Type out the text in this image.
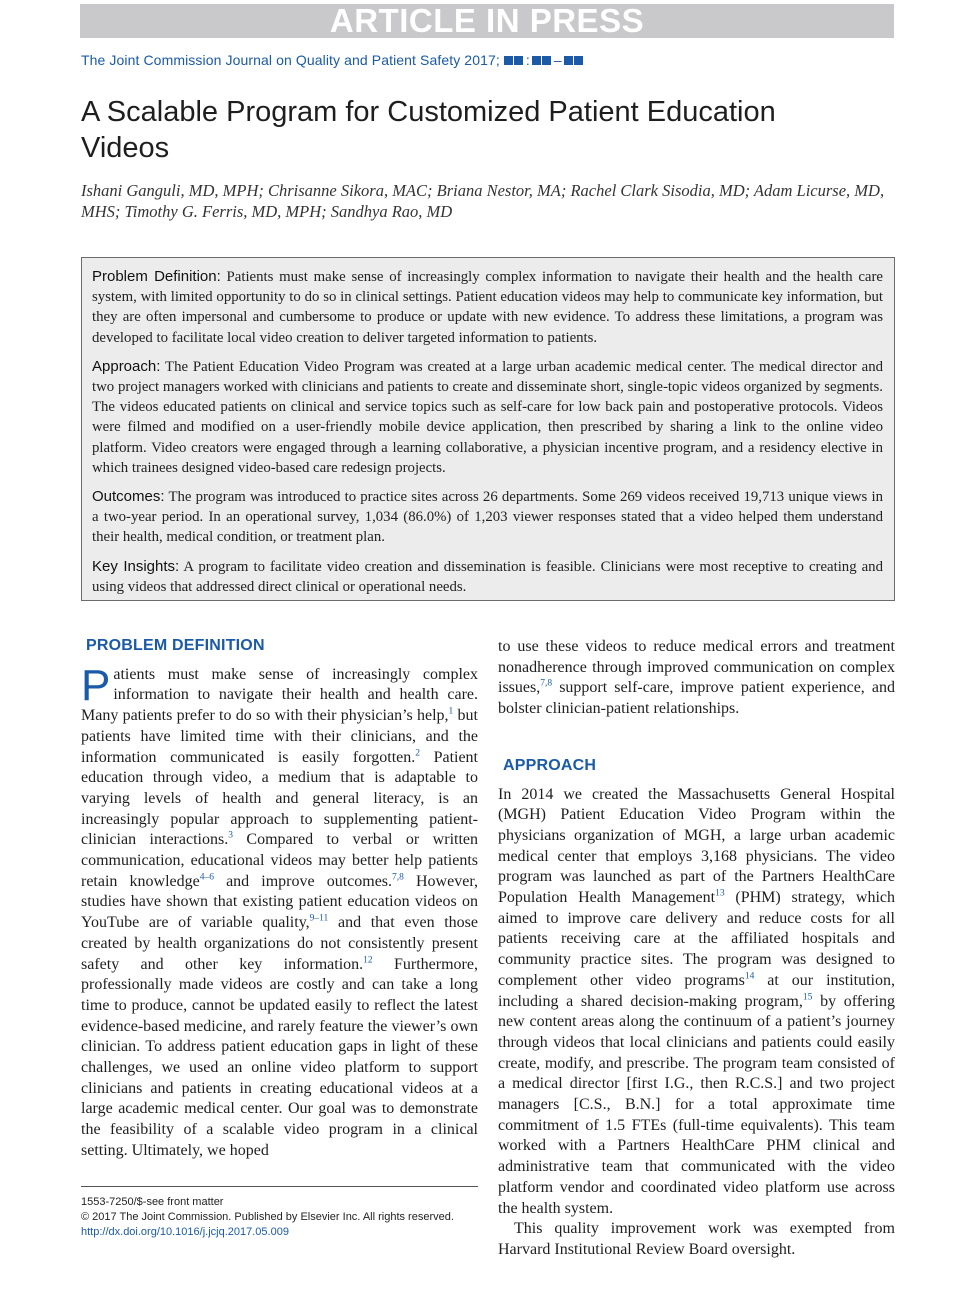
ARTICLE IN PRESS
The Joint Commission Journal on Quality and Patient Safety 2017; : –
A Scalable Program for Customized Patient Education Videos
Ishani Ganguli, MD, MPH; Chrisanne Sikora, MAC; Briana Nestor, MA; Rachel Clark Sisodia, MD; Adam Licurse, MD, MHS; Timothy G. Ferris, MD, MPH; Sandhya Rao, MD

Problem Definition: Patients must make sense of increasingly complex information to navigate their health and the health care system, with limited opportunity to do so in clinical settings. Patient education videos may help to communicate key information, but they are often impersonal and cumbersome to produce or update with new evidence. To address these limitations, a program was developed to facilitate local video creation to deliver targeted information to patients.

Approach: The Patient Education Video Program was created at a large urban academic medical center. The medical director and two project managers worked with clinicians and patients to create and disseminate short, single-topic videos organized by segments. The videos educated patients on clinical and service topics such as self-care for low back pain and postoperative protocols. Videos were filmed and modified on a user-friendly mobile device application, then prescribed by sharing a link to the online video platform. Video creators were engaged through a learning collaborative, a physician incentive program, and a residency elective in which trainees designed video-based care redesign projects.

Outcomes: The program was introduced to practice sites across 26 departments. Some 269 videos received 19,713 unique views in a two-year period. In an operational survey, 1,034 (86.0%) of 1,203 viewer responses stated that a video helped them understand their health, medical condition, or treatment plan.

Key Insights: A program to facilitate video creation and dissemination is feasible. Clinicians were most receptive to creating and using videos that addressed direct clinical or operational needs.

PROBLEM DEFINITION

Patients must make sense of increasingly complex information to navigate their health and health care. Many patients prefer to do so with their physician’s help,$^1$ but patients have limited time with their clinicians, and the information communicated is easily forgotten.$^2$ Patient education through video, a medium that is adaptable to varying levels of health and general literacy, is an increasingly popular approach to supplementing patient-clinician interactions.$^3$ Compared to verbal or written communication, educational videos may better help patients retain knowledge$^{4-6}$ and improve outcomes.$^{7,8}$ However, studies have shown that existing patient education videos on YouTube are of variable quality,$^{9-11}$ and that even those created by health organizations do not consistently present safety and other key information.$^{12}$ Furthermore, professionally made videos are costly and can take a long time to produce, cannot be updated easily to reflect the latest evidence-based medicine, and rarely feature the viewer’s own clinician. To address patient education gaps in light of these challenges, we used an online video platform to support clinicians and patients in creating educational videos at a large academic medical center. Our goal was to demonstrate the feasibility of a scalable video program in a clinical setting. Ultimately, we hoped

to use these videos to reduce medical errors and treatment nonadherence through improved communication on complex issues,$^{7,8}$ support self-care, improve patient experience, and bolster clinician-patient relationships.

APPROACH

In 2014 we created the Massachusetts General Hospital (MGH) Patient Education Video Program within the physicians organization of MGH, a large urban academic medical center that employs 3,168 physicians. The video program was launched as part of the Partners HealthCare Population Health Management$^{13}$ (PHM) strategy, which aimed to improve care delivery and reduce costs for all patients receiving care at the affiliated hospitals and community practice sites. The program was designed to complement other video programs$^{14}$ at our institution, including a shared decision-making program,$^{15}$ by offering new content areas along the continuum of a patient’s journey through videos that local clinicians and patients could easily create, modify, and prescribe. The program team consisted of a medical director [first I.G., then R.C.S.] and two project managers [C.S., B.N.] for a total approximate time commitment of 1.5 FTEs (full-time equivalents). This team worked with a Partners HealthCare PHM clinical and administrative team that communicated with the video platform vendor and coordinated video platform use across the health system.

This quality improvement work was exempted from Harvard Institutional Review Board oversight.

1553-7250/$-see front matter
© 2017 The Joint Commission. Published by Elsevier Inc. All rights reserved.
http://dx.doi.org/10.1016/j.jcjq.2017.05.009
